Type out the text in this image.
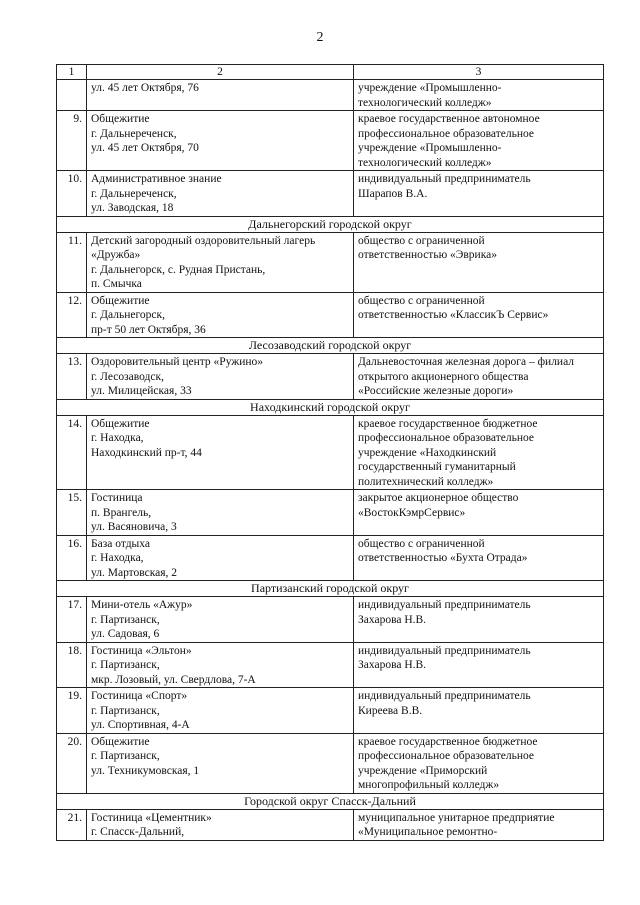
2
1	2	3

	ул. 45 лет Октября, 76	учреждение «Промышленно-
технологический колледж»

9.	Общежитие
г. Дальнереченск,
ул. 45 лет Октября, 70	краевое государственное автономное
профессиональное образовательное
учреждение «Промышленно-
технологический колледж»

10.	Административное знание
г. Дальнереченск,
ул. Заводская, 18	индивидуальный предприниматель
Шарапов В.А.

Дальнегорский городской округ		
11.	Детский загородный оздоровительный лагерь
«Дружба»
г. Дальнегорск, с. Рудная Пристань,
п. Смычка	общество с ограниченной
ответственностью «Эврика»

12.	Общежитие
г. Дальнегорск,
пр-т 50 лет Октября, 36	общество с ограниченной
ответственностью «КлассикЪ Сервис»

Лесозаводский городской округ		
13.	Оздоровительный центр «Ружино»
г. Лесозаводск,
ул. Милицейская, 33	Дальневосточная железная дорога – филиал
открытого акционерного общества
«Российские железные дороги»

Находкинский городской округ		
14.	Общежитие
г. Находка,
Находкинский пр-т, 44	краевое государственное бюджетное
профессиональное образовательное
учреждение «Находкинский
государственный гуманитарный
политехнический колледж»

15.	Гостиница
п. Врангель,
ул. Васяновича, 3	закрытое акционерное общество
«ВостокКэмрСервис»

16.	База отдыха
г. Находка,
ул. Мартовская, 2	общество с ограниченной
ответственностью «Бухта Отрада»

Партизанский городской округ		
17.	Мини-отель «Ажур»
г. Партизанск,
ул. Садовая, 6	индивидуальный предприниматель
Захарова Н.В.

18.	Гостиница «Эльтон»
г. Партизанск,
мкр. Лозовый, ул. Свердлова, 7-А	индивидуальный предприниматель
Захарова Н.В.

19.	Гостиница «Спорт»
г. Партизанск,
ул. Спортивная, 4-А	индивидуальный предприниматель
Киреева В.В.

20.	Общежитие
г. Партизанск,
ул. Техникумовская, 1	краевое государственное бюджетное
профессиональное образовательное
учреждение «Приморский
многопрофильный колледж»

Городской округ Спасск-Дальний		
21.	Гостиница «Цементник»
г. Спасск-Дальний,	муниципальное унитарное предприятие
«Муниципальное ремонтно-
